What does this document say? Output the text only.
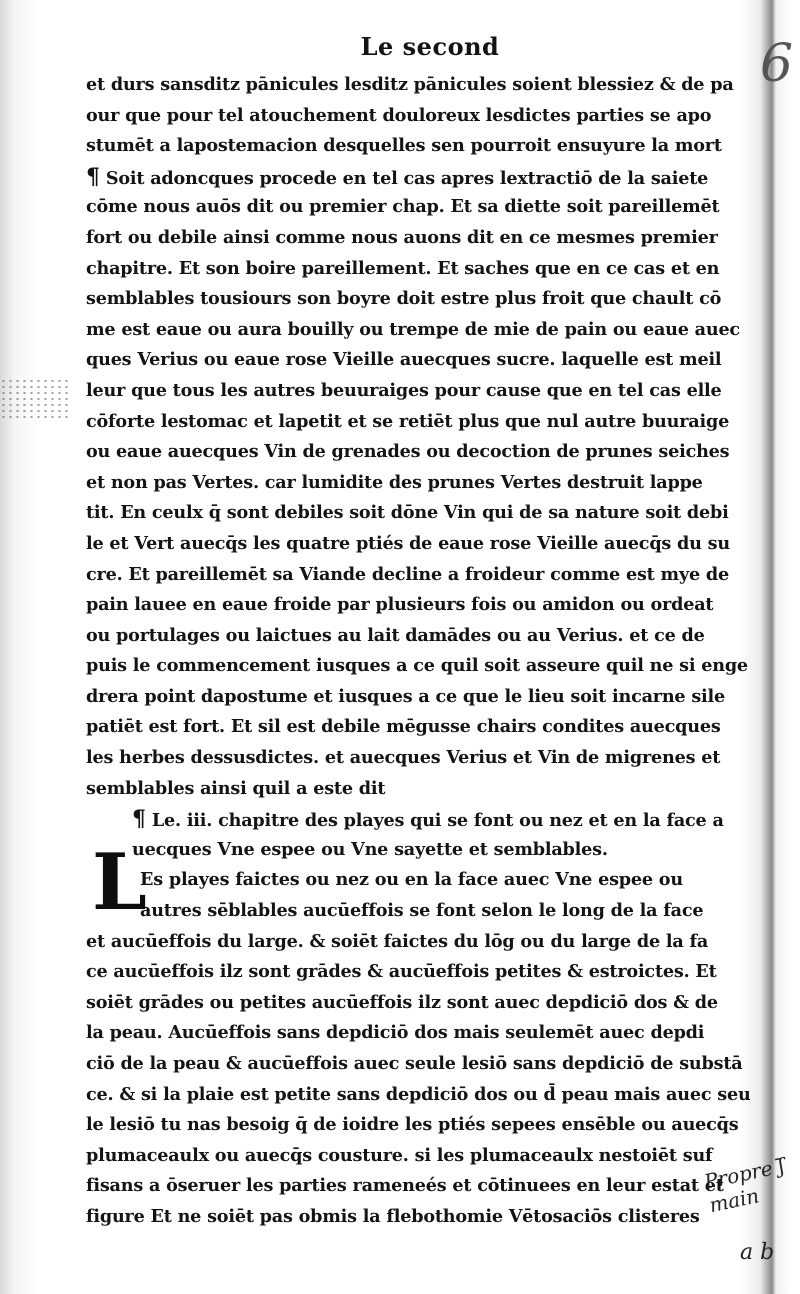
Le second	6
et durs sansditz pānicules lesditz pānicules soient blessiez & de pa
our que pour tel atouchement douloreux lesdictes parties se apo
stumēt a lapostemacion desquelles sen pourroit ensuyure la mort
¶ Soit adoncques procede en tel cas apres lextractiō de la saiete
cōme nous auōs dit ou premier chap. Et sa diette soit pareillemēt
fort ou debile ainsi comme nous auons dit en ce mesmes premier
chapitre. Et son boire pareillement. Et saches que en ce cas et en
semblables tousiours son boyre doit estre plus froit que chault cō
me est eaue ou aura bouilly ou trempe de mie de pain ou eaue auec
ques Verius ou eaue rose Vieille auecques sucre. laquelle est meil
leur que tous les autres beuuraiges pour cause que en tel cas elle
cōforte lestomac et lapetit et se retiēt plus que nul autre buuraige
ou eaue auecques Vin de grenades ou decoction de prunes seiches
et non pas Vertes. car lumidite des prunes Vertes destruit lappe
tit. En ceulx q̄ sont debiles soit dōne Vin qui de sa nature soit debi
le et Vert auecq̄s les quatre ptiés de eaue rose Vieille auecq̄s du su
cre. Et pareillemēt sa Viande decline a froideur comme est mye de
pain lauee en eaue froide par plusieurs fois ou amidon ou ordeat
ou portulages ou laictues au lait damādes ou au Verius. et ce de
puis le commencement iusques a ce quil soit asseure quil ne si enge
drera point dapostume et iusques a ce que le lieu soit incarne sile
patiēt est fort. Et sil est debile mēgusse chairs condites auecques
les herbes dessusdictes. et auecques Verius et Vin de migrenes et
semblables ainsi quil a este dit
¶ Le. iii. chapitre des playes qui se font ou nez et en la face a
uecques Vne espee ou Vne sayette et semblables.
Es playes faictes ou nez ou en la face auec Vne espee ou
autres sēblables aucūeffois se font selon le long de la face
et aucūeffois du large. & soiēt faictes du lōg ou du large de la fa
ce aucūeffois ilz sont grādes & aucūeffois petites & estroictes. Et
soiēt grādes ou petites aucūeffois ilz sont auec depdiciō dos & de
la peau. Aucūeffois sans depdiciō dos mais seulemēt auec depdi
ciō de la peau & aucūeffois auec seule lesiō sans depdiciō de substā
ce. & si la plaie est petite sans depdiciō dos ou d̄ peau mais auec seu
le lesiō tu nas besoig q̄ de ioidre les ptiés sepees ensēble ou auecq̄s
plumaceaulx ou auecq̄s cousture. si les plumaceaulx nestoiēt suf
fisans a ōseruer les parties rameneés et cōtinuees en leur estat et
figure Et ne soiēt pas obmis la flebothomie Vētosaciōs clisteres
L
Propre ʃ̄ main
a b
